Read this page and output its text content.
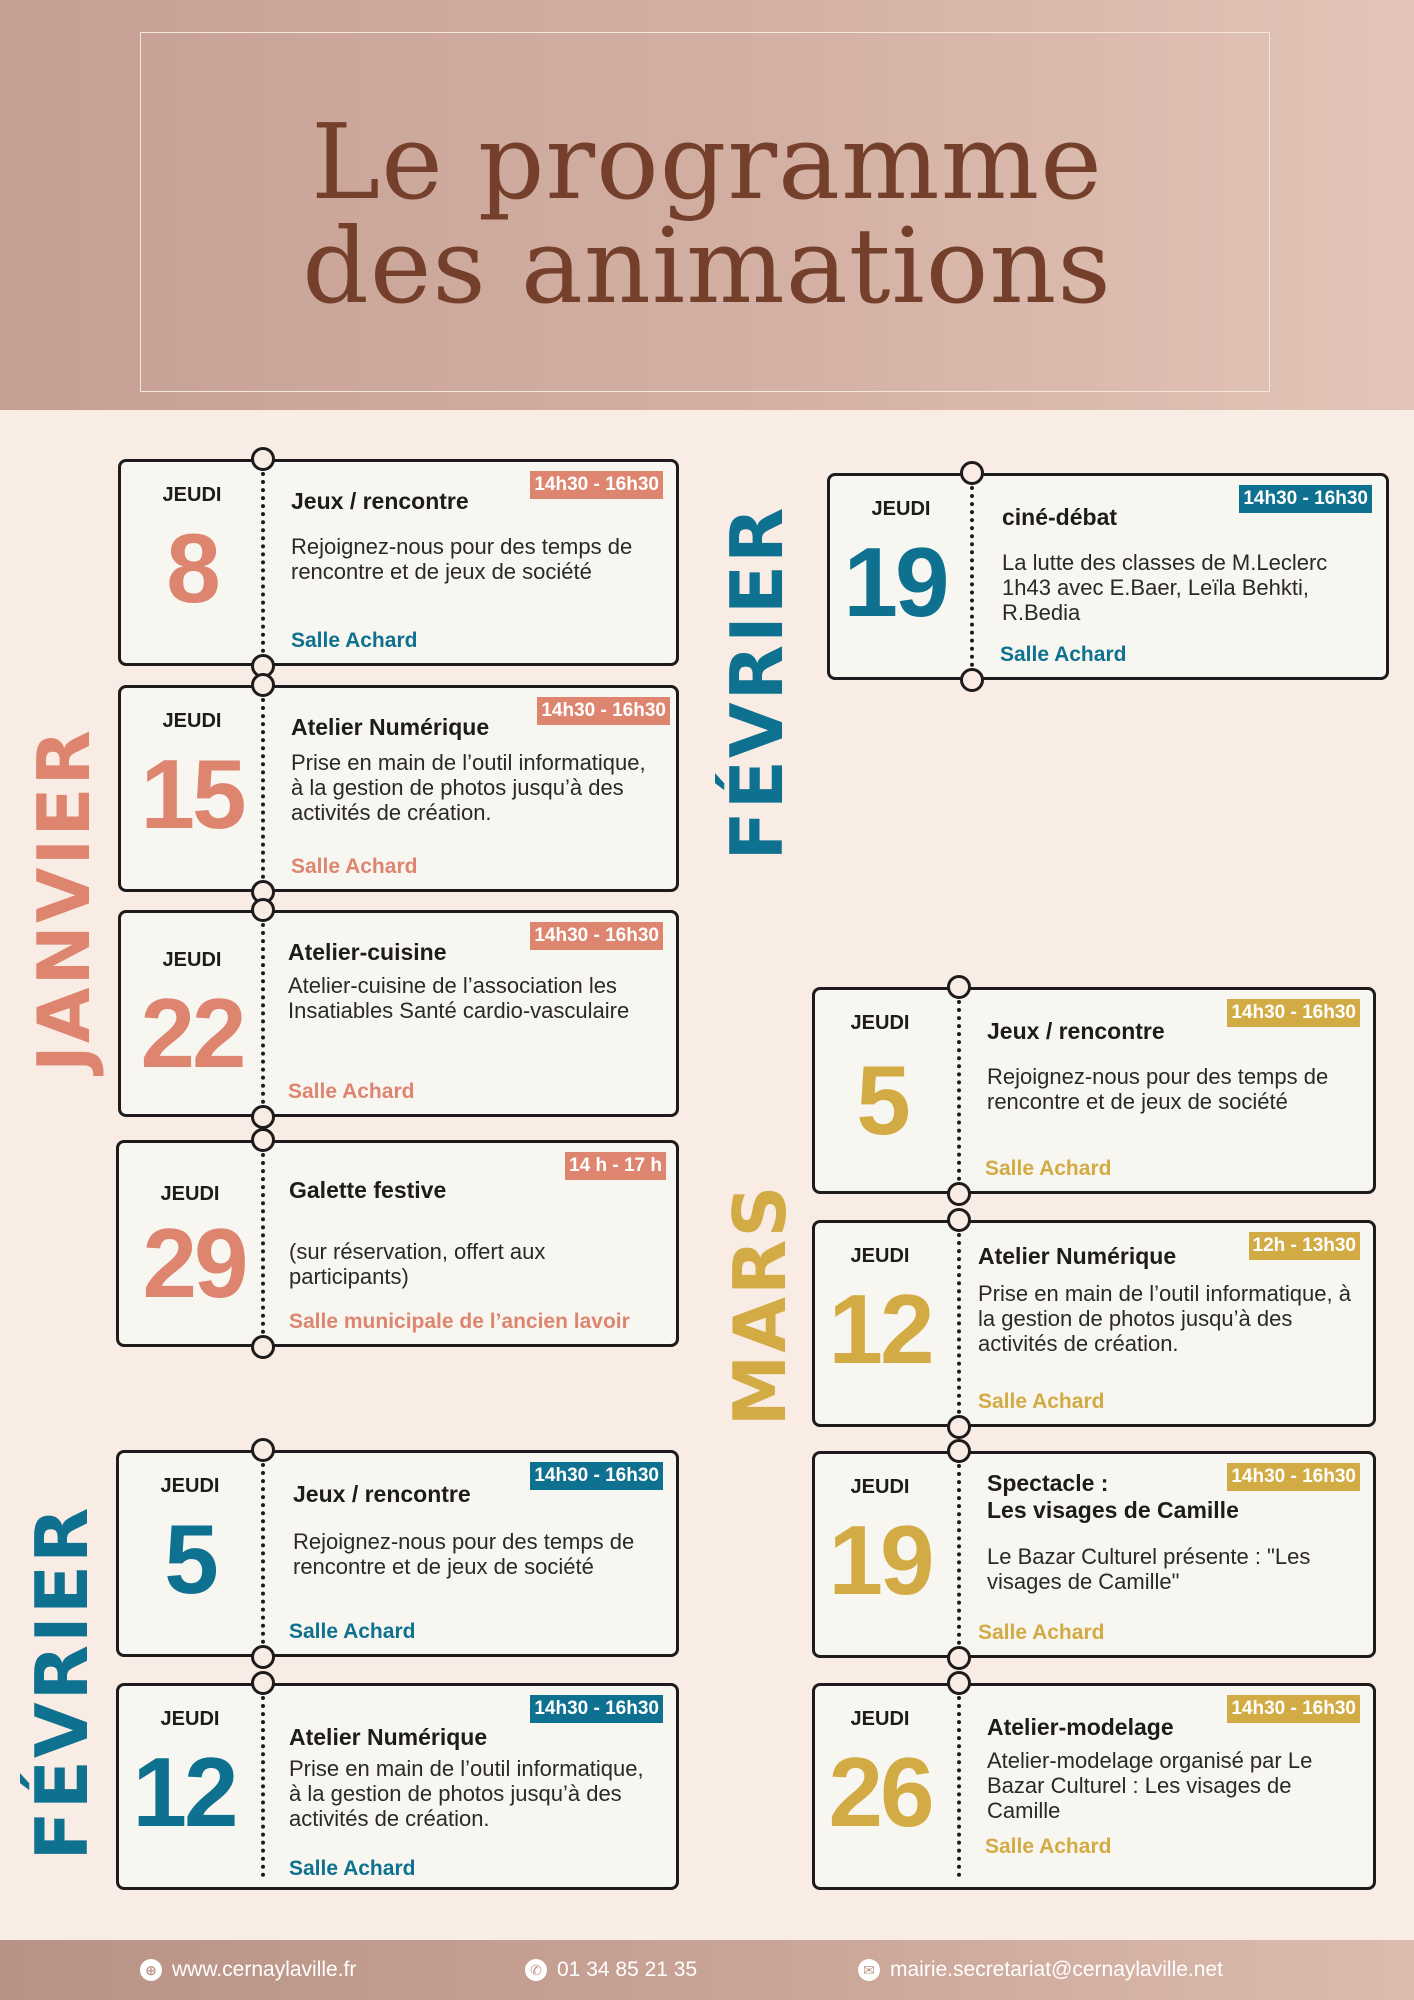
Le programme
des animations
JANVIER
FÉVRIER
FÉVRIER
MARS
JEUDI
8
14h30 - 16h30
Jeux / rencontre
Rejoignez-nous pour des temps de rencontre et de jeux de société
Salle Achard
JEUDI
15
14h30 - 16h30
Atelier Numérique
Prise en main de l’outil informatique, à la gestion de photos jusqu’à des activités de création.
Salle Achard
JEUDI
22
14h30 - 16h30
Atelier-cuisine
Atelier-cuisine de l’association les Insatiables Santé cardio-vasculaire
Salle Achard
JEUDI
29
14 h - 17 h
Galette festive
(sur réservation, offert aux participants)
Salle municipale de l’ancien lavoir
JEUDI
5
14h30 - 16h30
Jeux / rencontre
Rejoignez-nous pour des temps de rencontre et de jeux de société
Salle Achard
JEUDI
12
14h30 - 16h30
Atelier Numérique
Prise en main de l’outil informatique, à la gestion de photos jusqu’à des activités de création.
Salle Achard
JEUDI
19
14h30 - 16h30
ciné-débat
La lutte des classes de M.Leclerc 1h43 avec E.Baer, Leïla Behkti, R.Bedia
Salle Achard
JEUDI
5
14h30 - 16h30
Jeux / rencontre
Rejoignez-nous pour des temps de rencontre et de jeux de société
Salle Achard
JEUDI
12
12h - 13h30
Atelier Numérique
Prise en main de l’outil informatique, à la gestion de photos jusqu’à des activités de création.
Salle Achard
JEUDI
19
14h30 - 16h30
Spectacle :
Les visages de Camille
Le Bazar Culturel présente : "Les visages de Camille"
Salle Achard
JEUDI
26
14h30 - 16h30
Atelier-modelage
Atelier-modelage organisé par Le Bazar Culturel : Les visages de Camille
Salle Achard
⊕ www.cernaylaville.fr	✆ 01 34 85 21 35	✉ mairie.secretariat@cernaylaville.net
